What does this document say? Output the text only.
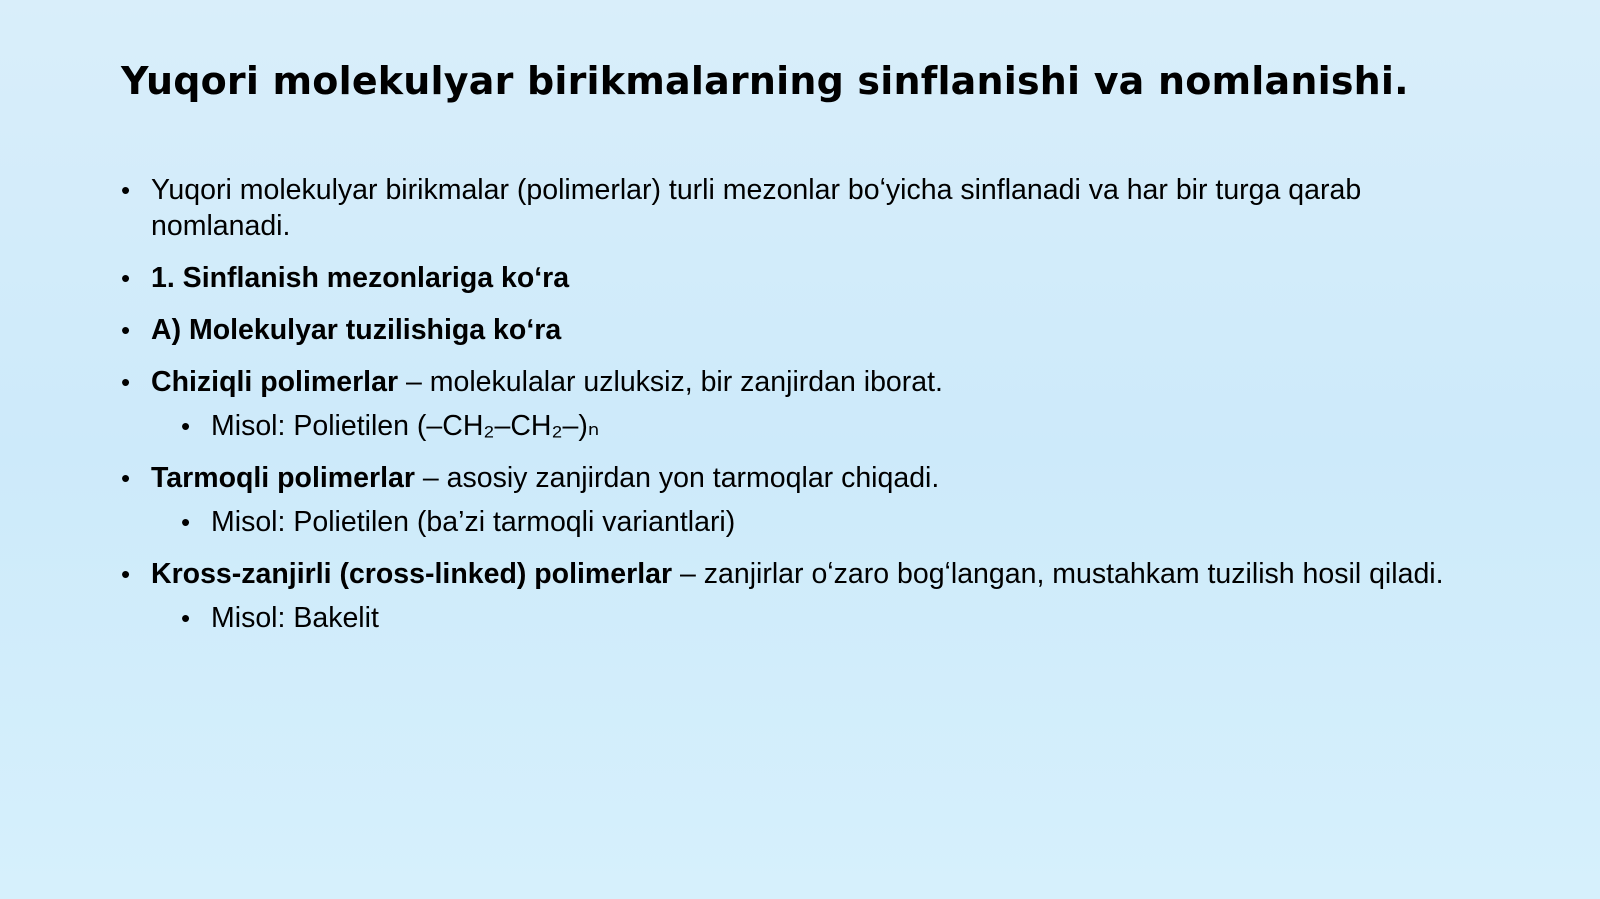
Yuqori molekulyar birikmalarning sinflanishi va nomlanishi.
• Yuqori molekulyar birikmalar (polimerlar) turli mezonlar boʻyicha sinflanadi va har bir turga qarab nomlanadi.
• 1. Sinflanish mezonlariga koʻra
• A) Molekulyar tuzilishiga koʻra
• Chiziqli polimerlar – molekulalar uzluksiz, bir zanjirdan iborat.
• Misol: Polietilen (–CH₂–CH₂–)ₙ
• Tarmoqli polimerlar – asosiy zanjirdan yon tarmoqlar chiqadi.
• Misol: Polietilen (ba’zi tarmoqli variantlari)
• Kross-zanjirli (cross-linked) polimerlar – zanjirlar oʻzaro bogʻlangan, mustahkam tuzilish hosil qiladi.
• Misol: Bakelit
